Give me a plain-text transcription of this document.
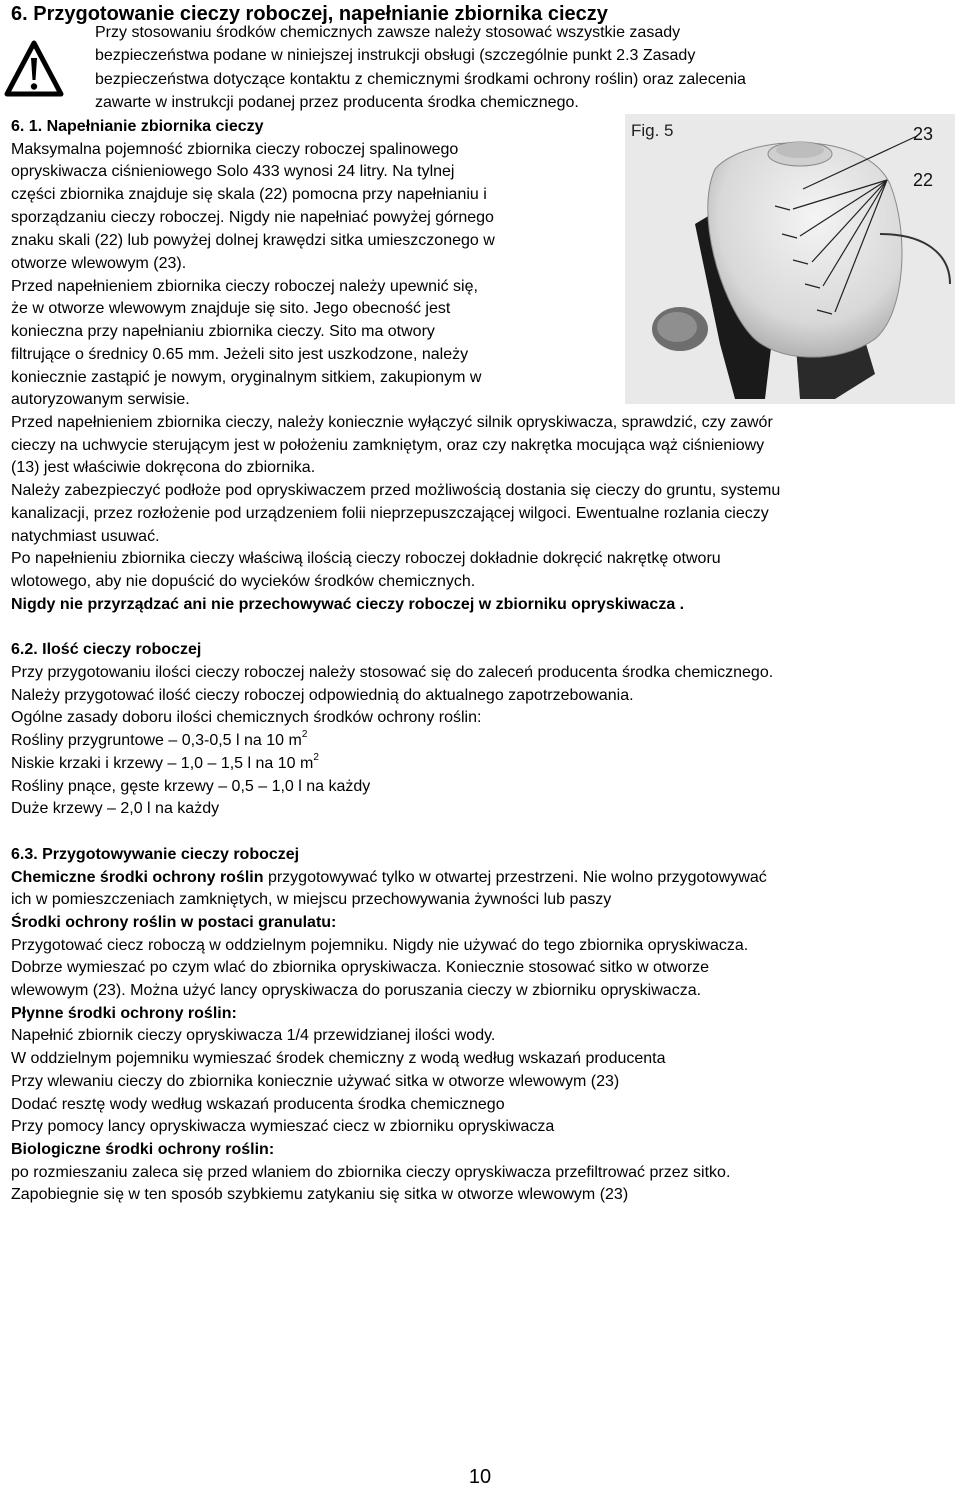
6. Przygotowanie cieczy roboczej, napełnianie zbiornika cieczy
Przy stosowaniu środków chemicznych zawsze należy stosować wszystkie zasady
bezpieczeństwa podane w niniejszej instrukcji obsługi (szczególnie punkt 2.3 Zasady
bezpieczeństwa dotyczące kontaktu z chemicznymi środkami ochrony roślin) oraz zalecenia
zawarte w instrukcji podanej przez producenta środka chemicznego.
6. 1. Napełnianie zbiornika cieczy
Maksymalna pojemność zbiornika cieczy roboczej spalinowego
opryskiwacza ciśnieniowego Solo 433 wynosi 24 litry. Na tylnej
części zbiornika znajduje się skala (22) pomocna przy napełnianiu i
sporządzaniu cieczy roboczej. Nigdy nie napełniać powyżej górnego
znaku skali (22) lub powyżej dolnej krawędzi sitka umieszczonego w
otworze wlewowym (23).
Przed napełnieniem zbiornika cieczy roboczej należy upewnić się,
że w otworze wlewowym znajduje się sito. Jego obecność jest
konieczna przy napełnianiu zbiornika cieczy. Sito ma otwory
filtrujące o średnicy 0.65 mm. Jeżeli sito jest uszkodzone, należy
koniecznie zastąpić je nowym, oryginalnym sitkiem, zakupionym w
autoryzowanym serwisie.
Fig. 5	23
22
Przed napełnieniem zbiornika cieczy, należy koniecznie wyłączyć silnik opryskiwacza, sprawdzić, czy zawór
cieczy na uchwycie sterującym jest w położeniu zamkniętym, oraz czy nakrętka mocująca wąż ciśnieniowy
(13) jest właściwie dokręcona do zbiornika.
Należy zabezpieczyć podłoże pod opryskiwaczem przed możliwością dostania się cieczy do gruntu, systemu
kanalizacji, przez rozłożenie pod urządzeniem folii nieprzepuszczającej wilgoci. Ewentualne rozlania cieczy
natychmiast usuwać.
Po napełnieniu zbiornika cieczy właściwą ilością cieczy roboczej dokładnie dokręcić nakrętkę otworu
wlotowego, aby nie dopuścić do wycieków środków chemicznych.
Nigdy nie przyrządzać ani nie przechowywać cieczy roboczej w zbiorniku opryskiwacza .
6.2. Ilość cieczy roboczej
Przy przygotowaniu ilości cieczy roboczej należy stosować się do zaleceń producenta środka chemicznego.
Należy przygotować ilość cieczy roboczej odpowiednią do aktualnego zapotrzebowania.
Ogólne zasady doboru ilości chemicznych środków ochrony roślin:
Rośliny przygruntowe – 0,3-0,5 l na 10 $m^2$
Niskie krzaki i krzewy – 1,0 – 1,5 l na 10 $m^2$
Rośliny pnące, gęste krzewy – 0,5 – 1,0 l na każdy
Duże krzewy – 2,0 l na każdy
6.3. Przygotowywanie cieczy roboczej
Chemiczne środki ochrony roślin przygotowywać tylko w otwartej przestrzeni. Nie wolno przygotowywać
ich w pomieszczeniach zamkniętych, w miejscu przechowywania żywności lub paszy
Środki ochrony roślin w postaci granulatu:
Przygotować ciecz roboczą w oddzielnym pojemniku. Nigdy nie używać do tego zbiornika opryskiwacza.
Dobrze wymieszać po czym wlać do zbiornika opryskiwacza. Koniecznie stosować sitko w otworze
wlewowym (23). Można użyć lancy opryskiwacza do poruszania cieczy w zbiorniku opryskiwacza.
Płynne środki ochrony roślin:
Napełnić zbiornik cieczy opryskiwacza 1/4 przewidzianej ilości wody.
W oddzielnym pojemniku wymieszać środek chemiczny z wodą według wskazań producenta
Przy wlewaniu cieczy do zbiornika koniecznie używać sitka w otworze wlewowym (23)
Dodać resztę wody według wskazań producenta środka chemicznego
Przy pomocy lancy opryskiwacza wymieszać ciecz w zbiorniku opryskiwacza
Biologiczne środki ochrony roślin:
po rozmieszaniu zaleca się przed wlaniem do zbiornika cieczy opryskiwacza przefiltrować przez sitko.
Zapobiegnie się w ten sposób szybkiemu zatykaniu się sitka w otworze wlewowym (23)
10
